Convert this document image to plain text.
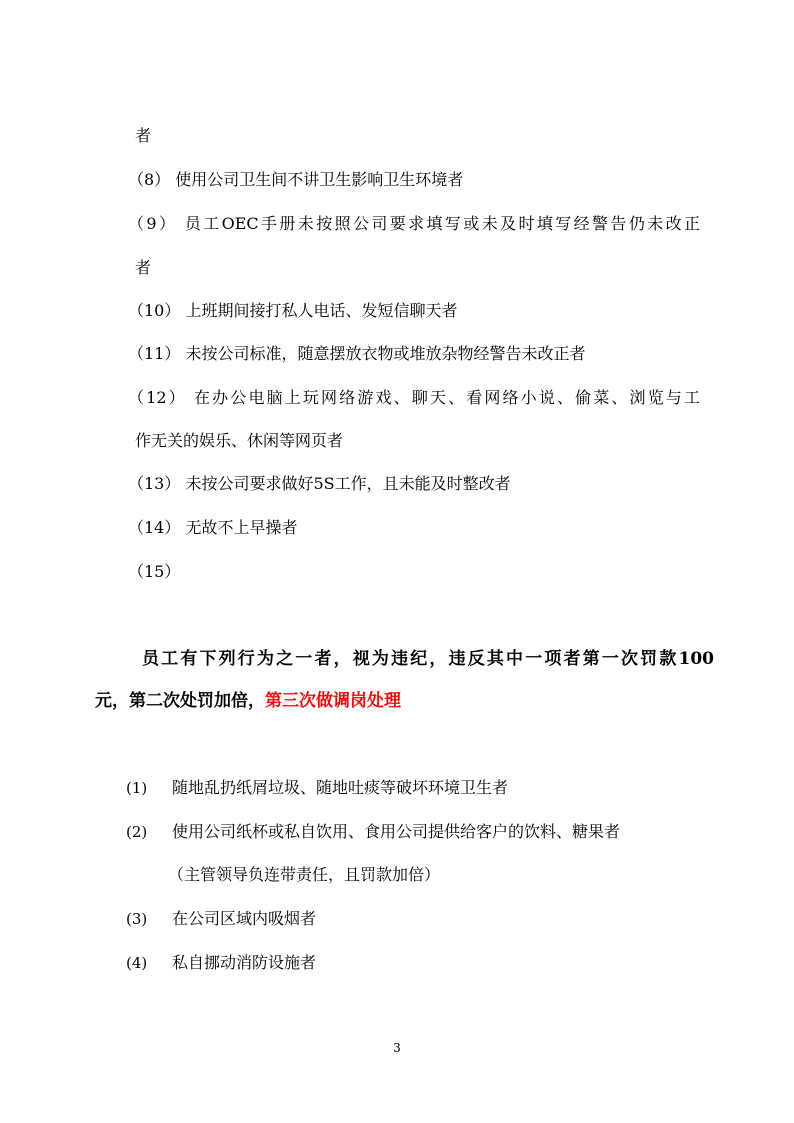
者
（8） 使用公司卫生间不讲卫生影响卫生环境者
（9） 员工OEC手册未按照公司要求填写或未及时填写经警告仍未改正
者
（10） 上班期间接打私人电话、发短信聊天者
（11） 未按公司标准，随意摆放衣物或堆放杂物经警告未改正者
（12） 在办公电脑上玩网络游戏、聊天、看网络小说、偷菜、浏览与工
作无关的娱乐、休闲等网页者
（13） 未按公司要求做好5S工作，且未能及时整改者
（14） 无故不上早操者
（15）
员工有下列行为之一者，视为违纪，违反其中一项者第一次罚款100
元，第二次处罚加倍，第三次做调岗处理
(1) 随地乱扔纸屑垃圾、随地吐痰等破坏环境卫生者
(2) 使用公司纸杯或私自饮用、食用公司提供给客户的饮料、糖果者
（主管领导负连带责任，且罚款加倍）
(3) 在公司区域内吸烟者
(4) 私自挪动消防设施者
3
